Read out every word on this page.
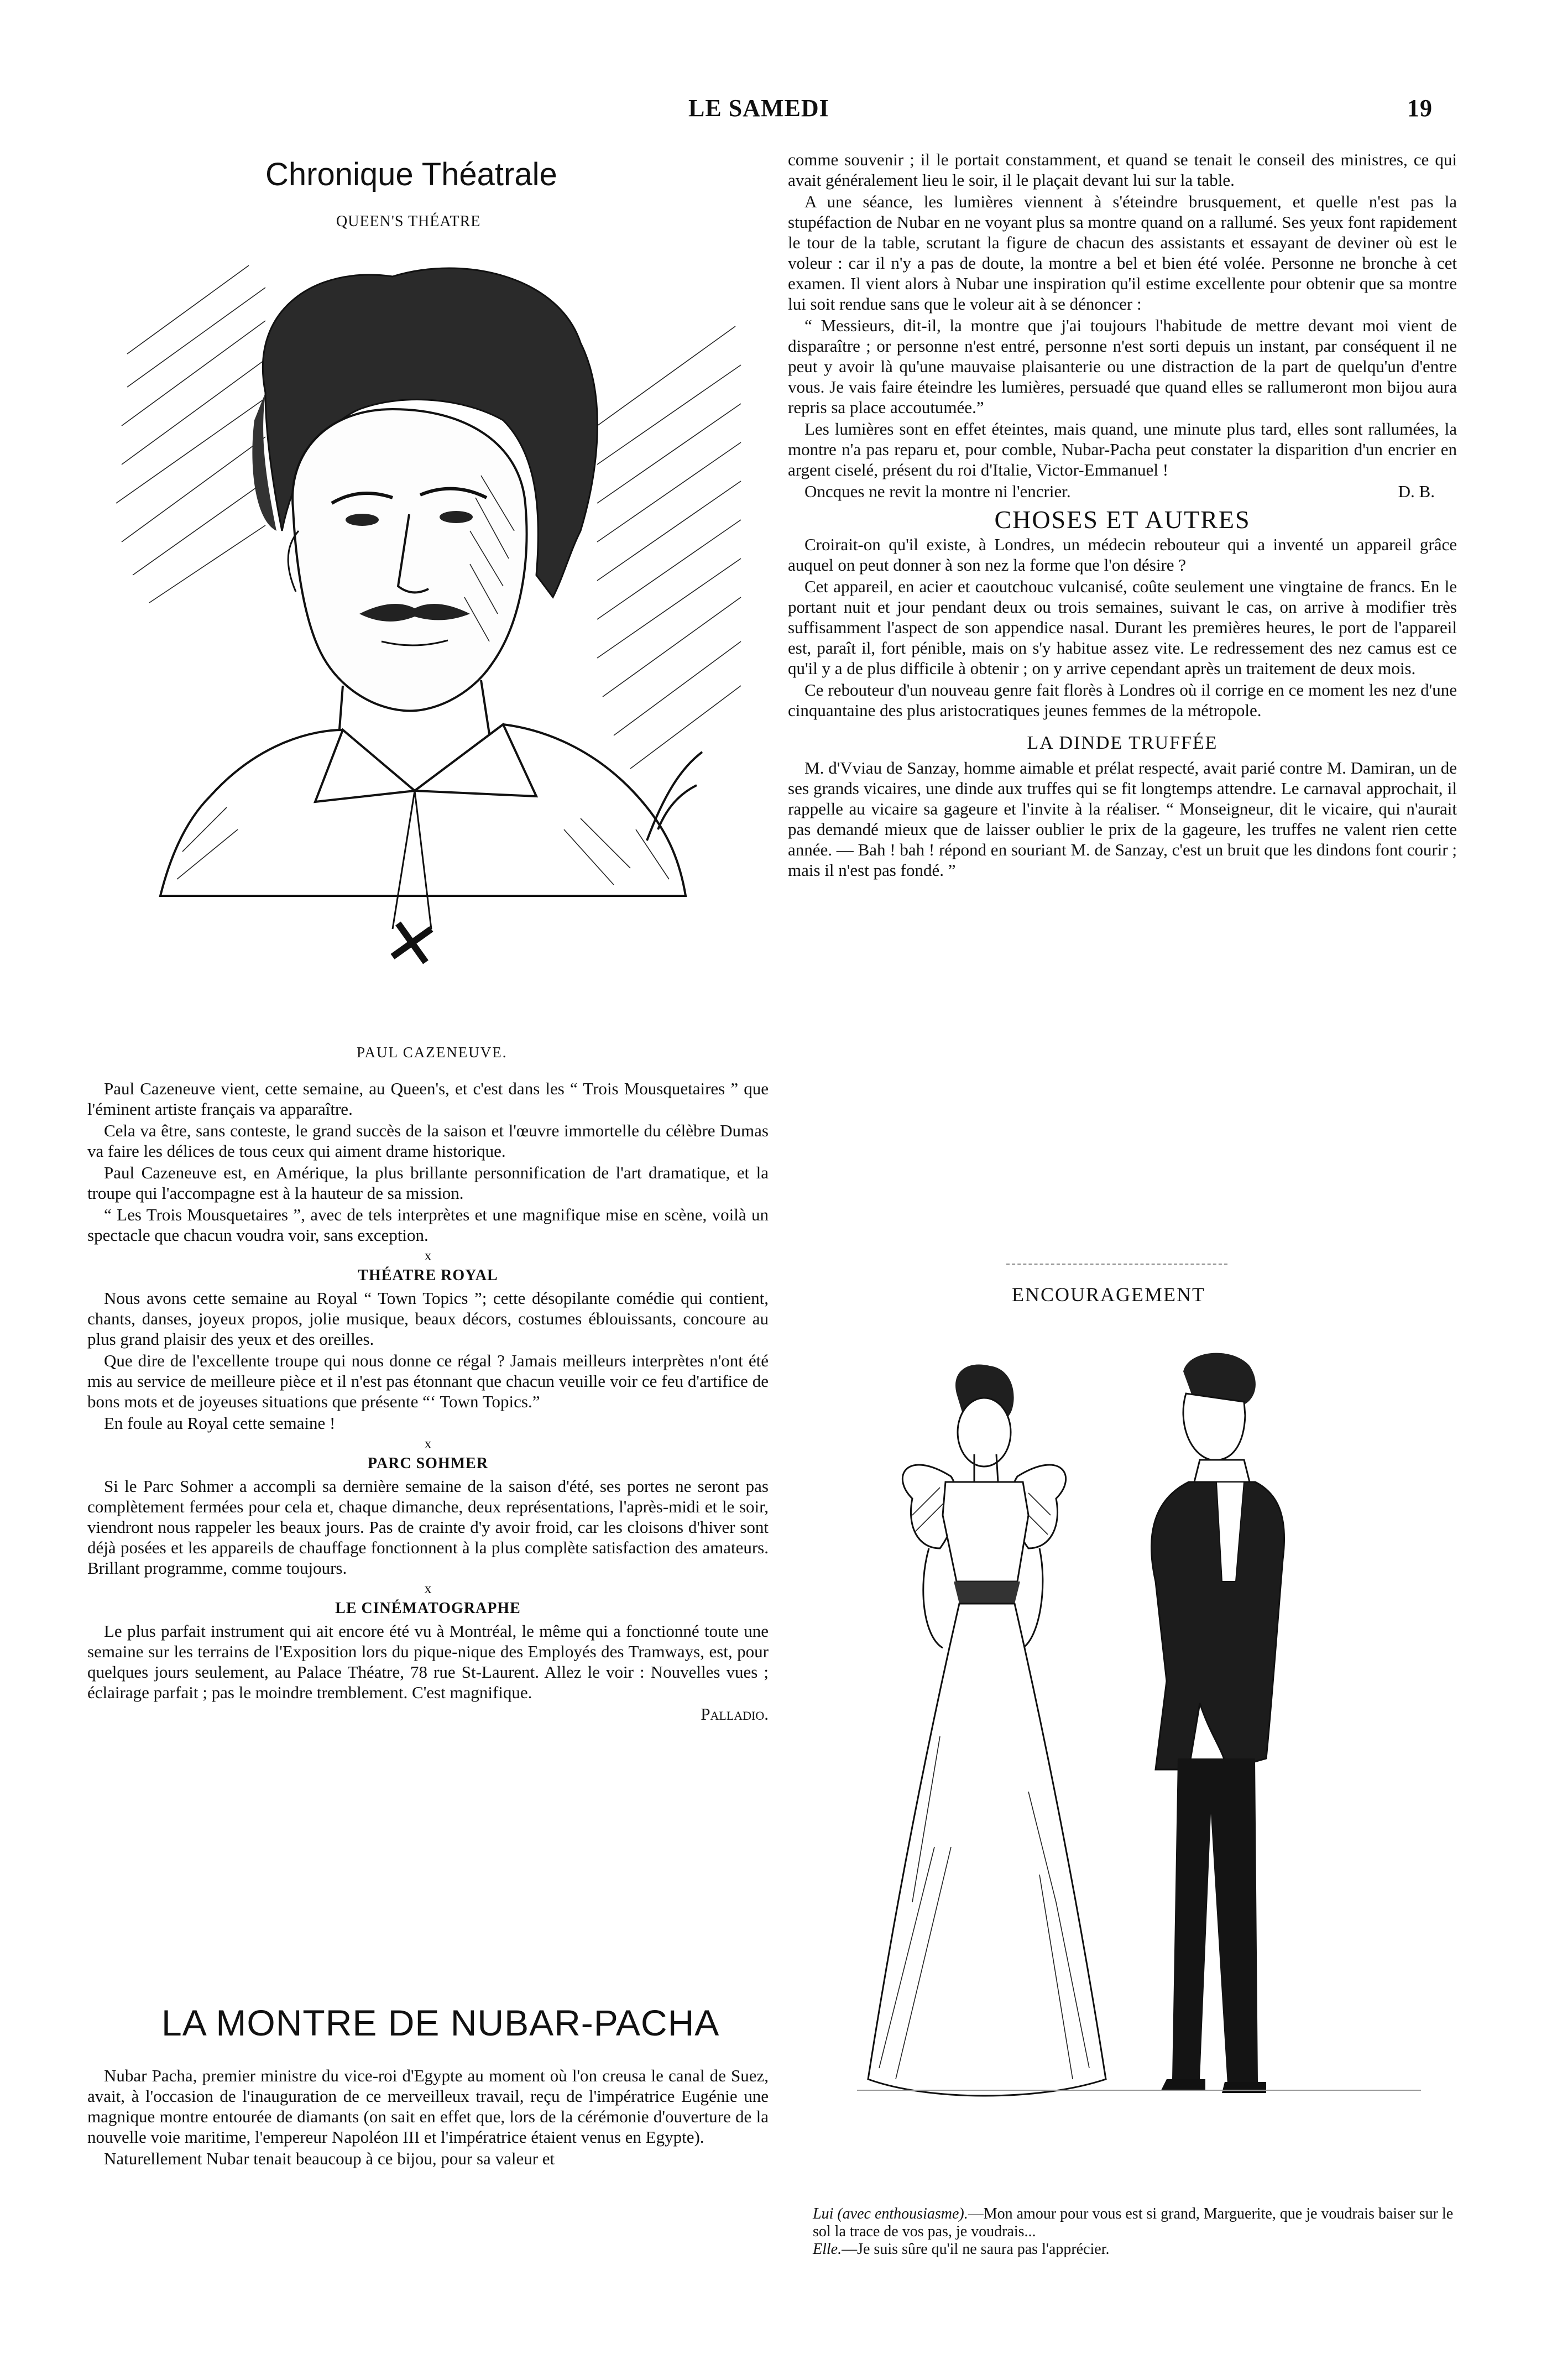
LE SAMEDI	19
Chronique Théatrale
QUEEN'S THÉATRE
PAUL CAZENEUVE.

Paul Cazeneuve vient, cette semaine, au Queen's, et c'est dans les “ Trois Mousquetaires ” que l'éminent artiste français va apparaître.

Cela va être, sans conteste, le grand succès de la saison et l'œuvre immortelle du célèbre Dumas va faire les délices de tous ceux qui aiment drame historique.

Paul Cazeneuve est, en Amérique, la plus brillante personnification de l'art dramatique, et la troupe qui l'accompagne est à la hauteur de sa mission.

“ Les Trois Mousquetaires ”, avec de tels interprètes et une magnifique mise en scène, voilà un spectacle que chacun voudra voir, sans exception.

x
THÉATRE ROYAL

Nous avons cette semaine au Royal “ Town Topics ”; cette désopilante comédie qui contient, chants, danses, joyeux propos, jolie musique, beaux décors, costumes éblouissants, concoure au plus grand plaisir des yeux et des oreilles.

Que dire de l'excellente troupe qui nous donne ce régal ? Jamais meilleurs interprètes n'ont été mis au service de meilleure pièce et il n'est pas étonnant que chacun veuille voir ce feu d'artifice de bons mots et de joyeuses situations que présente “‘ Town Topics.”

En foule au Royal cette semaine !

x
PARC SOHMER

Si le Parc Sohmer a accompli sa dernière semaine de la saison d'été, ses portes ne seront pas complètement fermées pour cela et, chaque dimanche, deux représentations, l'après-midi et le soir, viendront nous rappeler les beaux jours. Pas de crainte d'y avoir froid, car les cloisons d'hiver sont déjà posées et les appareils de chauffage fonctionnent à la plus complète satisfaction des amateurs. Brillant programme, comme toujours.

x
LE CINÉMATOGRAPHE

Le plus parfait instrument qui ait encore été vu à Montréal, le même qui a fonctionné toute une semaine sur les terrains de l'Exposition lors du pique-nique des Employés des Tramways, est, pour quelques jours seulement, au Palace Théatre, 78 rue St-Laurent. Allez le voir : Nouvelles vues ; éclairage parfait ; pas le moindre tremblement. C'est magnifique.

Palladio.

LA MONTRE DE NUBAR-PACHA

Nubar Pacha, premier ministre du vice-roi d'Egypte au moment où l'on creusa le canal de Suez, avait, à l'occasion de l'inauguration de ce merveilleux travail, reçu de l'impératrice Eugénie une magnique montre entourée de diamants (on sait en effet que, lors de la cérémonie d'ouverture de la nouvelle voie maritime, l'empereur Napoléon III et l'impératrice étaient venus en Egypte).

Naturellement Nubar tenait beaucoup à ce bijou, pour sa valeur et

comme souvenir ; il le portait constamment, et quand se tenait le conseil des ministres, ce qui avait généralement lieu le soir, il le plaçait devant lui sur la table.

A une séance, les lumières viennent à s'éteindre brusquement, et quelle n'est pas la stupéfaction de Nubar en ne voyant plus sa montre quand on a rallumé. Ses yeux font rapidement le tour de la table, scrutant la figure de chacun des assistants et essayant de deviner où est le voleur : car il n'y a pas de doute, la montre a bel et bien été volée. Personne ne bronche à cet examen. Il vient alors à Nubar une inspiration qu'il estime excellente pour obtenir que sa montre lui soit rendue sans que le voleur ait à se dénoncer :

“ Messieurs, dit-il, la montre que j'ai toujours l'habitude de mettre devant moi vient de disparaître ; or personne n'est entré, personne n'est sorti depuis un instant, par conséquent il ne peut y avoir là qu'une mauvaise plaisanterie ou une distraction de la part de quelqu'un d'entre vous. Je vais faire éteindre les lumières, persuadé que quand elles se rallumeront mon bijou aura repris sa place accoutumée.”

Les lumières sont en effet éteintes, mais quand, une minute plus tard, elles sont rallumées, la montre n'a pas reparu et, pour comble, Nubar-Pacha peut constater la disparition d'un encrier en argent ciselé, présent du roi d'Italie, Victor-Emmanuel !

Oncques ne revit la montre ni l'encrier.	D. B.

CHOSES ET AUTRES

Croirait-on qu'il existe, à Londres, un médecin rebouteur qui a inventé un appareil grâce auquel on peut donner à son nez la forme que l'on désire ?

Cet appareil, en acier et caoutchouc vulcanisé, coûte seulement une vingtaine de francs. En le portant nuit et jour pendant deux ou trois semaines, suivant le cas, on arrive à modifier très suffisamment l'aspect de son appendice nasal. Durant les premières heures, le port de l'appareil est, paraît il, fort pénible, mais on s'y habitue assez vite. Le redressement des nez camus est ce qu'il y a de plus difficile à obtenir ; on y arrive cependant après un traitement de deux mois.

Ce rebouteur d'un nouveau genre fait florès à Londres où il corrige en ce moment les nez d'une cinquantaine des plus aristocratiques jeunes femmes de la métropole.

LA DINDE TRUFFÉE

M. d'Vviau de Sanzay, homme aimable et prélat respecté, avait parié contre M. Damiran, un de ses grands vicaires, une dinde aux truffes qui se fit longtemps attendre. Le carnaval approchait, il rappelle au vicaire sa gageure et l'invite à la réaliser. “ Monseigneur, dit le vicaire, qui n'aurait pas demandé mieux que de laisser oublier le prix de la gageure, les truffes ne valent rien cette année. — Bah ! bah ! répond en souriant M. de Sanzay, c'est un bruit que les dindons font courir ; mais il n'est pas fondé. ”

ENCOURAGEMENT
Lui (avec enthousiasme).—Mon amour pour vous est si grand, Marguerite, que je voudrais baiser sur le sol la trace de vos pas, je voudrais...
Elle.—Je suis sûre qu'il ne saura pas l'apprécier.
